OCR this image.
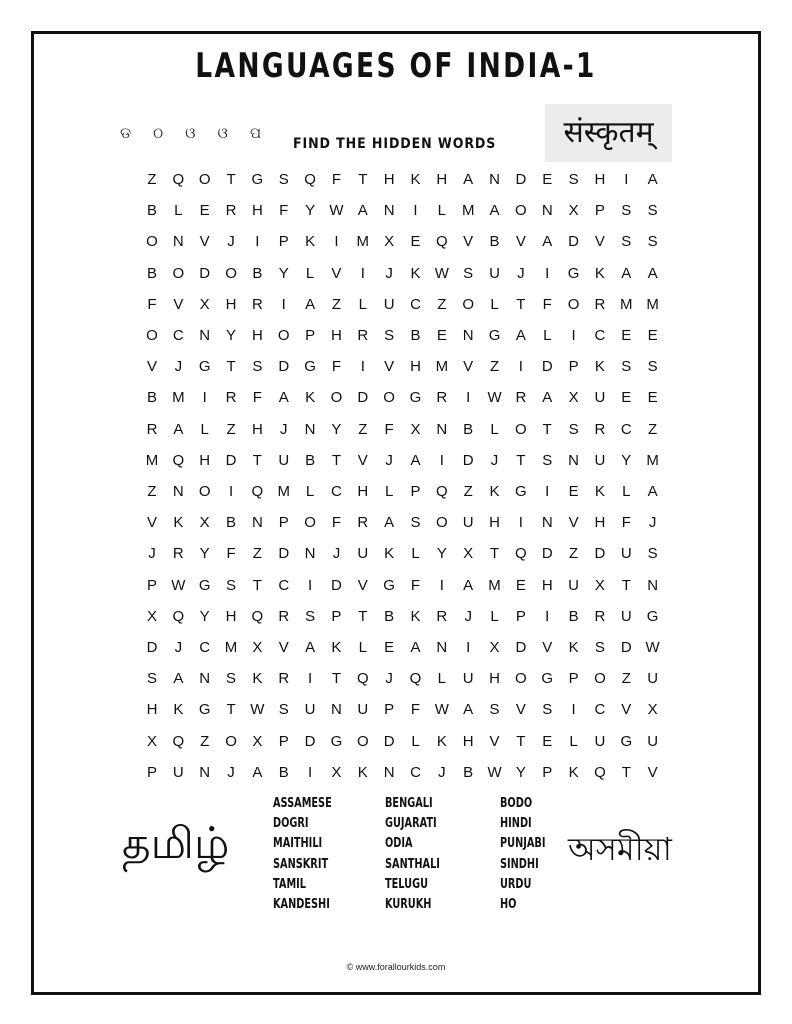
LANGUAGES OF INDIA-1
ଡ ଠ ଓ ଓ ପ
FIND THE HIDDEN WORDS	संस्कृतम्
Z	Q O	T	G	S	Q	F	T	H	K	H	A	N	D	E	S	H	I	A
B	L	E	R	H	F	Y W A	N	I	L	M	A	O	N	X	P	S	S
O	N	V	J	I	P	K	I	M	X	E	Q	V	B	V	A	D	V	S	S
B	O	D	O	B	Y	L	V	I	J	K W S	U	J	I	G	K	A	A
F	V	X	H	R	I	A	Z	L	U	C	Z	O	L	T	F	O	R M M
O	C	N	Y	H	O	P	H	R	S	B	E	N	G	A	L	I	C	E	E
V	J	G	T	S	D	G	F	I	V	H M	V	Z	I	D	P	K	S	S
B	M	I	R	F	A	K	O	D	O G	R	I	W R	A	X	U	E	E
R	A	L	Z	H	J	N	Y	Z	F	X	N	B	L	O	T	S	R	C	Z
M Q	H	D	T	U	B	T	V	J	A	I	D	J	T	S	N	U	Y	M
Z	N	O	I	Q M	L	C	H	L	P	Q	Z	K	G	I	E	K	L	A
V	K	X	B	N	P	O	F	R	A	S	O	U	H	I	N	V	H	F	J
J	R	Y	F	Z	D	N	J	U	K	L	Y	X	T	Q	D	Z	D	U	S
P W G	S	T	C	I	D	V	G	F	I	A	M	E	H	U	X	T	N
X	Q	Y	H	Q	R	S	P	T	B	K	R	J	L	P	I	B	R	U	G
D	J	C M	X	V	A	K	L	E	A	N	I	X	D	V	K	S	D W
S	A	N	S	K	R	I	T	Q	J	Q	L	U	H	O G	P	O	Z	U
H	K	G	T W S	U	N	U	P	F W A	S	V	S	I	C	V	X
X	Q	Z	O	X	P	D	G O	D	L	K	H	V	T	E	L	U	G	U
P	U	N	J	A	B	I	X	K	N	C	J	B W Y	P	K	Q	T	V
தமிழ்	অসমীয়া
ASSAMESE
DOGRI
MAITHILI
SANSKRIT
TAMIL
KANDESHI
BENGALI
GUJARATI
ODIA
SANTHALI
TELUGU
KURUKH
BODO
HINDI
PUNJABI
SINDHI
URDU
HO
© www.forallourkids.com
